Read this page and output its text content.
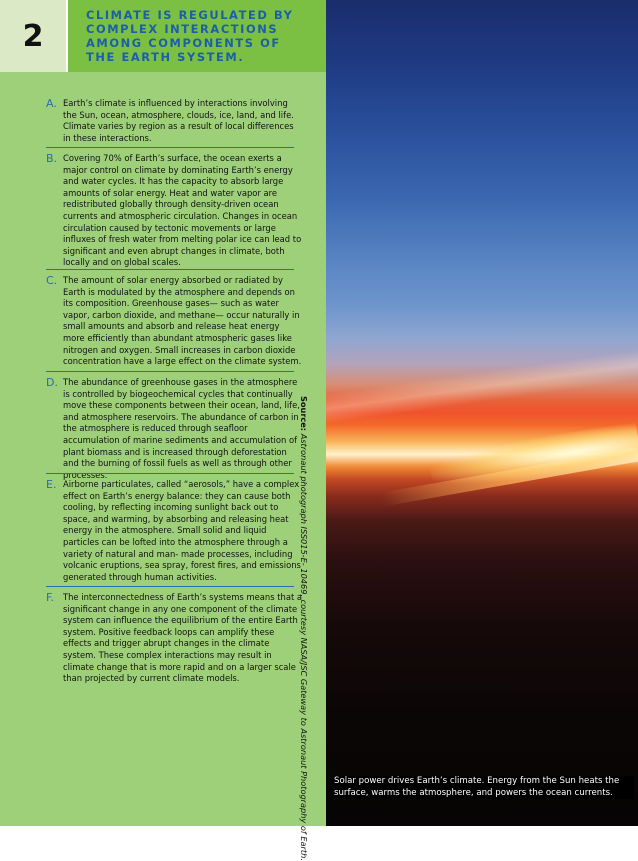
2
CLIMATE IS REGULATED BY COMPLEX INTERACTIONS AMONG COMPONENTS OF THE EARTH SYSTEM.
A. Earth’s climate is influenced by interactions involving the Sun, ocean, atmosphere, clouds, ice, land, and life. Climate varies by region as a result of local differences in these interactions.
B. Covering 70% of Earth’s surface, the ocean exerts a major control on climate by dominating Earth’s energy and water cycles. It has the capacity to absorb large amounts of solar energy. Heat and water vapor are redistributed globally through density-driven ocean currents and atmospheric circulation. Changes in ocean circulation caused by tectonic movements or large influxes of fresh water from melting polar ice can lead to significant and even abrupt changes in climate, both locally and on global scales.
C. The amount of solar energy absorbed or radiated by Earth is modulated by the atmosphere and depends on its composition. Greenhouse gases— such as water vapor, carbon dioxide, and methane— occur naturally in small amounts and absorb and release heat energy more efficiently than abundant atmospheric gases like nitrogen and oxygen. Small increases in carbon dioxide concentration have a large effect on the climate system.
D. The abundance of greenhouse gases in the atmosphere is controlled by biogeochemical cycles that continually move these components between their ocean, land, life, and atmosphere reservoirs. The abundance of carbon in the atmosphere is reduced through seafloor accumulation of marine sediments and accumulation of plant biomass and is increased through deforestation and the burning of fossil fuels as well as through other processes.
E. Airborne particulates, called “aerosols,” have a complex effect on Earth’s energy balance: they can cause both cooling, by reflecting incoming sunlight back out to space, and warming, by absorbing and releasing heat energy in the atmosphere. Small solid and liquid particles can be lofted into the atmosphere through a variety of natural and man- made processes, including volcanic eruptions, sea spray, forest fires, and emissions generated through human activities.
F. The interconnectedness of Earth’s systems means that a significant change in any one component of the climate system can influence the equilibrium of the entire Earth system. Positive feedback loops can amplify these effects and trigger abrupt changes in the climate system. These complex interactions may result in climate change that is more rapid and on a larger scale than projected by current climate models.
Source: Astronaut photograph ISS015-E- 10469, courtesy NASA/JSC Gateway to Astronaut Photography of Earth.	Solar power drives Earth’s climate. Energy from the Sun heats the surface, warms the atmosphere, and powers the ocean currents.
